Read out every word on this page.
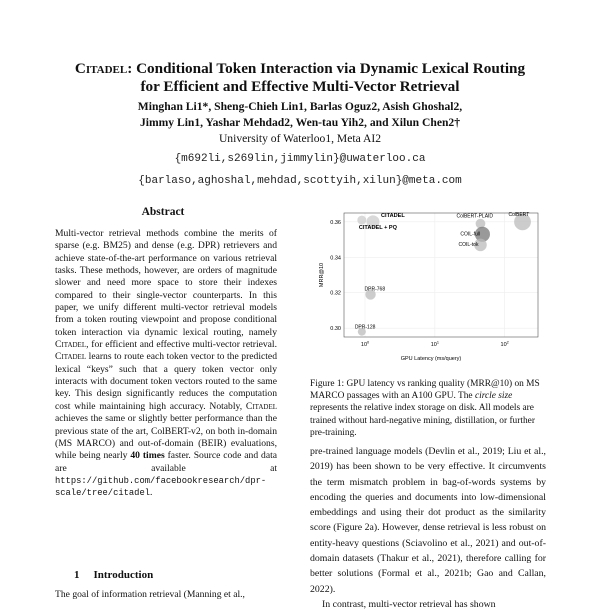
Citadel: Conditional Token Interaction via Dynamic Lexical Routing
for Efficient and Effective Multi-Vector Retrieval
Minghan Li1*, Sheng-Chieh Lin1, Barlas Oguz2, Asish Ghoshal2,
Jimmy Lin1, Yashar Mehdad2, Wen-tau Yih2, and Xilun Chen2†
University of Waterloo1, Meta AI2
{m692li,s269lin,jimmylin}@uwaterloo.ca
{barlaso,aghoshal,mehdad,scottyih,xilun}@meta.com
Abstract

Multi-vector retrieval methods combine the merits of sparse (e.g. BM25) and dense (e.g. DPR) retrievers and achieve state-of-the-art performance on various retrieval tasks. These methods, however, are orders of magnitude slower and need more space to store their indexes compared to their single-vector counterparts. In this paper, we unify different multi-vector retrieval models from a token routing viewpoint and propose conditional token interaction via dynamic lexical routing, namely Citadel, for efficient and effective multi-vector retrieval. Citadel learns to route each token vector to the predicted lexical “keys” such that a query token vector only interacts with document token vectors routed to the same key. This design significantly reduces the computation cost while maintaining high accuracy. Notably, Citadel achieves the same or slightly better performance than the previous state of the art, ColBERT-v2, on both in-domain (MS MARCO) and out-of-domain (BEIR) evaluations, while being nearly 40 times faster. Source code and data are available at https://github.com/facebookresearch/dpr-scale/tree/citadel.

1 Introduction
The goal of information retrieval (Manning et al.,
0.30
0.32
0.34
0.36
$10^0$	$10^1$	$10^2$
GPU Latency (ms/query)
MRR@10
CITADEL
CITADEL + PQ
DPR-768
DPR-128
ColBERT-PLAID	ColBERT
COIL-full
COIL-tok
Figure 1: GPU latency vs ranking quality (MRR@10) on MS MARCO passages with an A100 GPU. The circle size represents the relative index storage on disk. All models are trained without hard-negative mining, distillation, or further pre-training.

pre-trained language models (Devlin et al., 2019; Liu et al., 2019) has been shown to be very effective. It circumvents the term mismatch problem in bag-of-words systems by encoding the queries and documents into low-dimensional embeddings and using their dot product as the similarity score (Figure 2a). However, dense retrieval is less robust on entity-heavy questions (Sciavolino et al., 2021) and out-of-domain datasets (Thakur et al., 2021), therefore calling for better solutions (Formal et al., 2021b; Gao and Callan, 2022).

In contrast, multi-vector retrieval has shown
